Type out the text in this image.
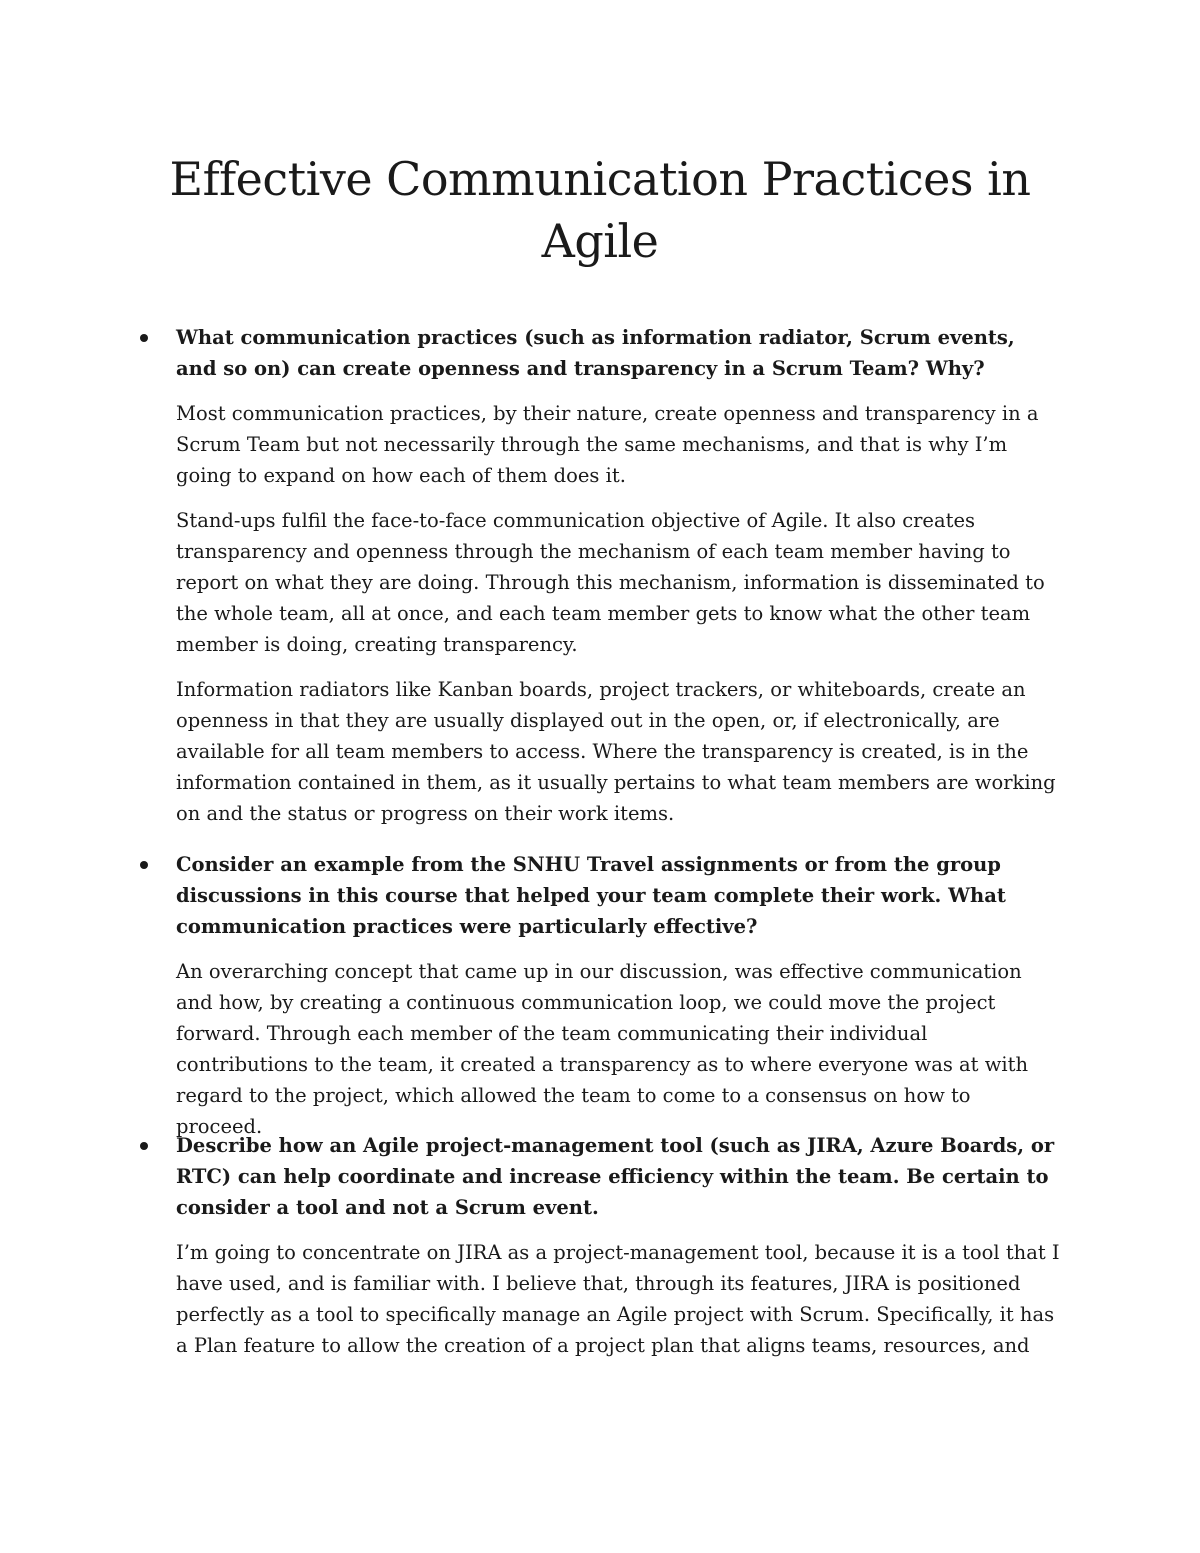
Effective Communication Practices in Agile

What communication practices (such as information radiator, Scrum events, and so on) can create openness and transparency in a Scrum Team? Why?

Most communication practices, by their nature, create openness and transparency in a Scrum Team but not necessarily through the same mechanisms, and that is why I’m going to expand on how each of them does it.

Stand-ups fulfil the face-to-face communication objective of Agile. It also creates transparency and openness through the mechanism of each team member having to report on what they are doing. Through this mechanism, information is disseminated to the whole team, all at once, and each team member gets to know what the other team member is doing, creating transparency.

Information radiators like Kanban boards, project trackers, or whiteboards, create an openness in that they are usually displayed out in the open, or, if electronically, are available for all team members to access. Where the transparency is created, is in the information contained in them, as it usually pertains to what team members are working on and the status or progress on their work items.

Consider an example from the SNHU Travel assignments or from the group discussions in this course that helped your team complete their work. What communication practices were particularly effective?

An overarching concept that came up in our discussion, was effective communication and how, by creating a continuous communication loop, we could move the project forward. Through each member of the team communicating their individual contributions to the team, it created a transparency as to where everyone was at with regard to the project, which allowed the team to come to a consensus on how to proceed.

Describe how an Agile project-management tool (such as JIRA, Azure Boards, or RTC) can help coordinate and increase efficiency within the team. Be certain to consider a tool and not a Scrum event.

I’m going to concentrate on JIRA as a project-management tool, because it is a tool that I have used, and is familiar with. I believe that, through its features, JIRA is positioned perfectly as a tool to specifically manage an Agile project with Scrum. Specifically, it has a Plan feature to allow the creation of a project plan that aligns teams, resources, and
